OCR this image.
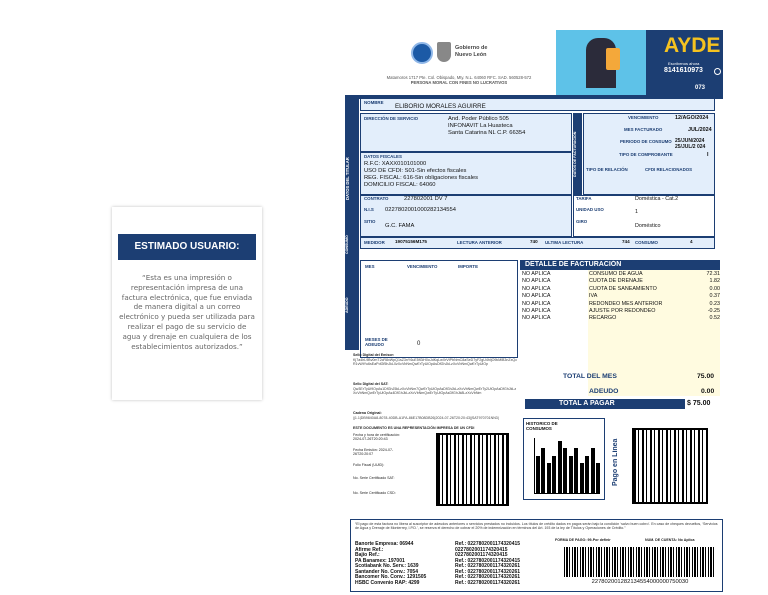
ESTIMADO USUARIO:
“Esta es una impresión o representación impresa de una factura electrónica, que fue enviada de manera digital a un correo electrónico y pueda ser utilizada para realizar el pago de su servicio de agua y drenaje en cualquiera de los establecimientos autorizados.”
Gobierno de Nuevo León
Matamoros 1717 Pte. Col. Obispado, Mty. N.L. 64060 RFC. SAD. 560528-572
PERSONA MORAL CON FINES NO LUCRATIVOS
AYDE
Escríbenos ahora
8141610973
073
DATOS DEL TITULAR
NOMBRE
ELIBORIO MORALES AGUIRRE
DIRECCIÓN DE SERVICIO	And. Poder Público 505
INFONAVIT La Huasteca
Santa Catarina NL C.P. 66354
DATOS FISCALES
R.F.C: XAXX010101000
USO DE CFDI: S01-Sin efectos fiscales
REG. FISCAL: 616-Sin obligaciones fiscales
DOMICILIO FISCAL: 64060
DATOS DE FACTURACIÓN
VENCIMIENTO	12/AGO/2024
MES FACTURADO	JUL/2024
PERIODO DE CONSUMO 25/JUN/2024 25/JUL/2 024
TIPO DE COMPROBANTE	I
TIPO DE RELACIÓN	CFDI RELACIONADOS
CONTRATO	227802001 DV 7
N.I.S 0227802001000282134554
SITIO
G.C. FAMA
TARIFA	Doméstica - Cat.2
UNIDAD USO	1
GIRO
Doméstico
CONSUMO	MEDIDOR 19075156M175	LECTURA ANTERIOR	740 ULTIMA LECTURA	744 CONSUMO	4
ADEUDO
MES	VENCIMIENTO	IMPORTE
MESES DE ADEUDO	0
DETALLE DE FACTURACIÓN
NO APLICA	CONSUMO DE AGUA	72.31
NO APLICA	CUOTA DE DRENAJE	1.82
NO APLICA	CUOTA DE SANEAMIENTO	0.00
NO APLICA	IVA	0.37
NO APLICA	REDONDEO MES ANTERIOR	0.23
NO APLICA	AJUSTE POR REDONDEO	-0.25
NO APLICA	RECARGO	0.52
TOTAL DEL MES	75.00
ADEUDO	0.00
TOTAL A PAGAR	$ 75.00
Sello Digital del Emisor:
Kj7a4hL9Bv0mT2cR8xWpQ1sZ3nY6uE5fGiH0oJdKqLwXrVtPbNmC8aSeD7yF2gU4hIjO9kMlB3nZxQcR1vWtYu6sEaPdGf5hJkL0zXcVbNmQwErTyUiOpAsDfGhJkLzXcVbNmQwErTyUiOp
Sello Digital del SAT:
Qw3ErTyUi9OpAs1DfGhJ5kLzXcVbNm7QwErTyUiOpAsDfGhJkLzXcVbNmQwErTy2UiOpAsDfGhJkLzXcVbNmQwErTyUiOpAs4DfGhJkLzXcVbNmQwErTyUiOpAsDfGhJk8LzXcVbNm
Cadena Original:
||1.1|DB9840A8-8078-40DB-A1FA-86E17B08DB26|2024-07-26T20:20:43||SAT970701NN3|
ESTE DOCUMENTO ES UNA REPRESENTACIÓN IMPRESA DE UN CFDI
Fecha y hora de certificación: 2024-07-26T20:20:43
Fecha Emisión: 2024-07-26T20:20:07
Folio Fiscal (UUID):
No. Serie Certificado SAT:
No. Serie Certificado CSD:
HISTORICO DE CONSUMOS
Pago en Línea
“El pago de esta factura no libera al suscriptor de adeudos anteriores o servicios prestados no incluidos. Los títulos de crédito dados en pagos serán bajo la condición ‘salvo buen cobro’. En caso de cheques devueltos, ‘Servicios de Agua y Drenaje de Monterrey, I.P.D.’, se reserva el derecho de cobrar el 20% de indemnización en términos del Art. 193 de la ley de Títulos y Operaciones de Crédito.”
FORMA DE PAGO: 99-Por definir	NUM. DE CUENTA: No Aplica
Banorte Empresa: 06944	Ref.: 0227802001174320415
Afirme Ref.:	0227802001174320415
Bajío Ref.:	0227802001174320415
PA Banamex: 197001	Ref.: 0227802001174320415
Scotiabank No. Serv.: 1639	Ref.: 0227802001174320261
Santander No. Conv.: 7054	Ref.: 0227802001174320261
Bancomer No. Conv.: 1291505	Ref.: 0227802001174320261
HSBC Convenio RAP: 4299	Ref.: 0227802001174320261	227802001282134554000000750030
